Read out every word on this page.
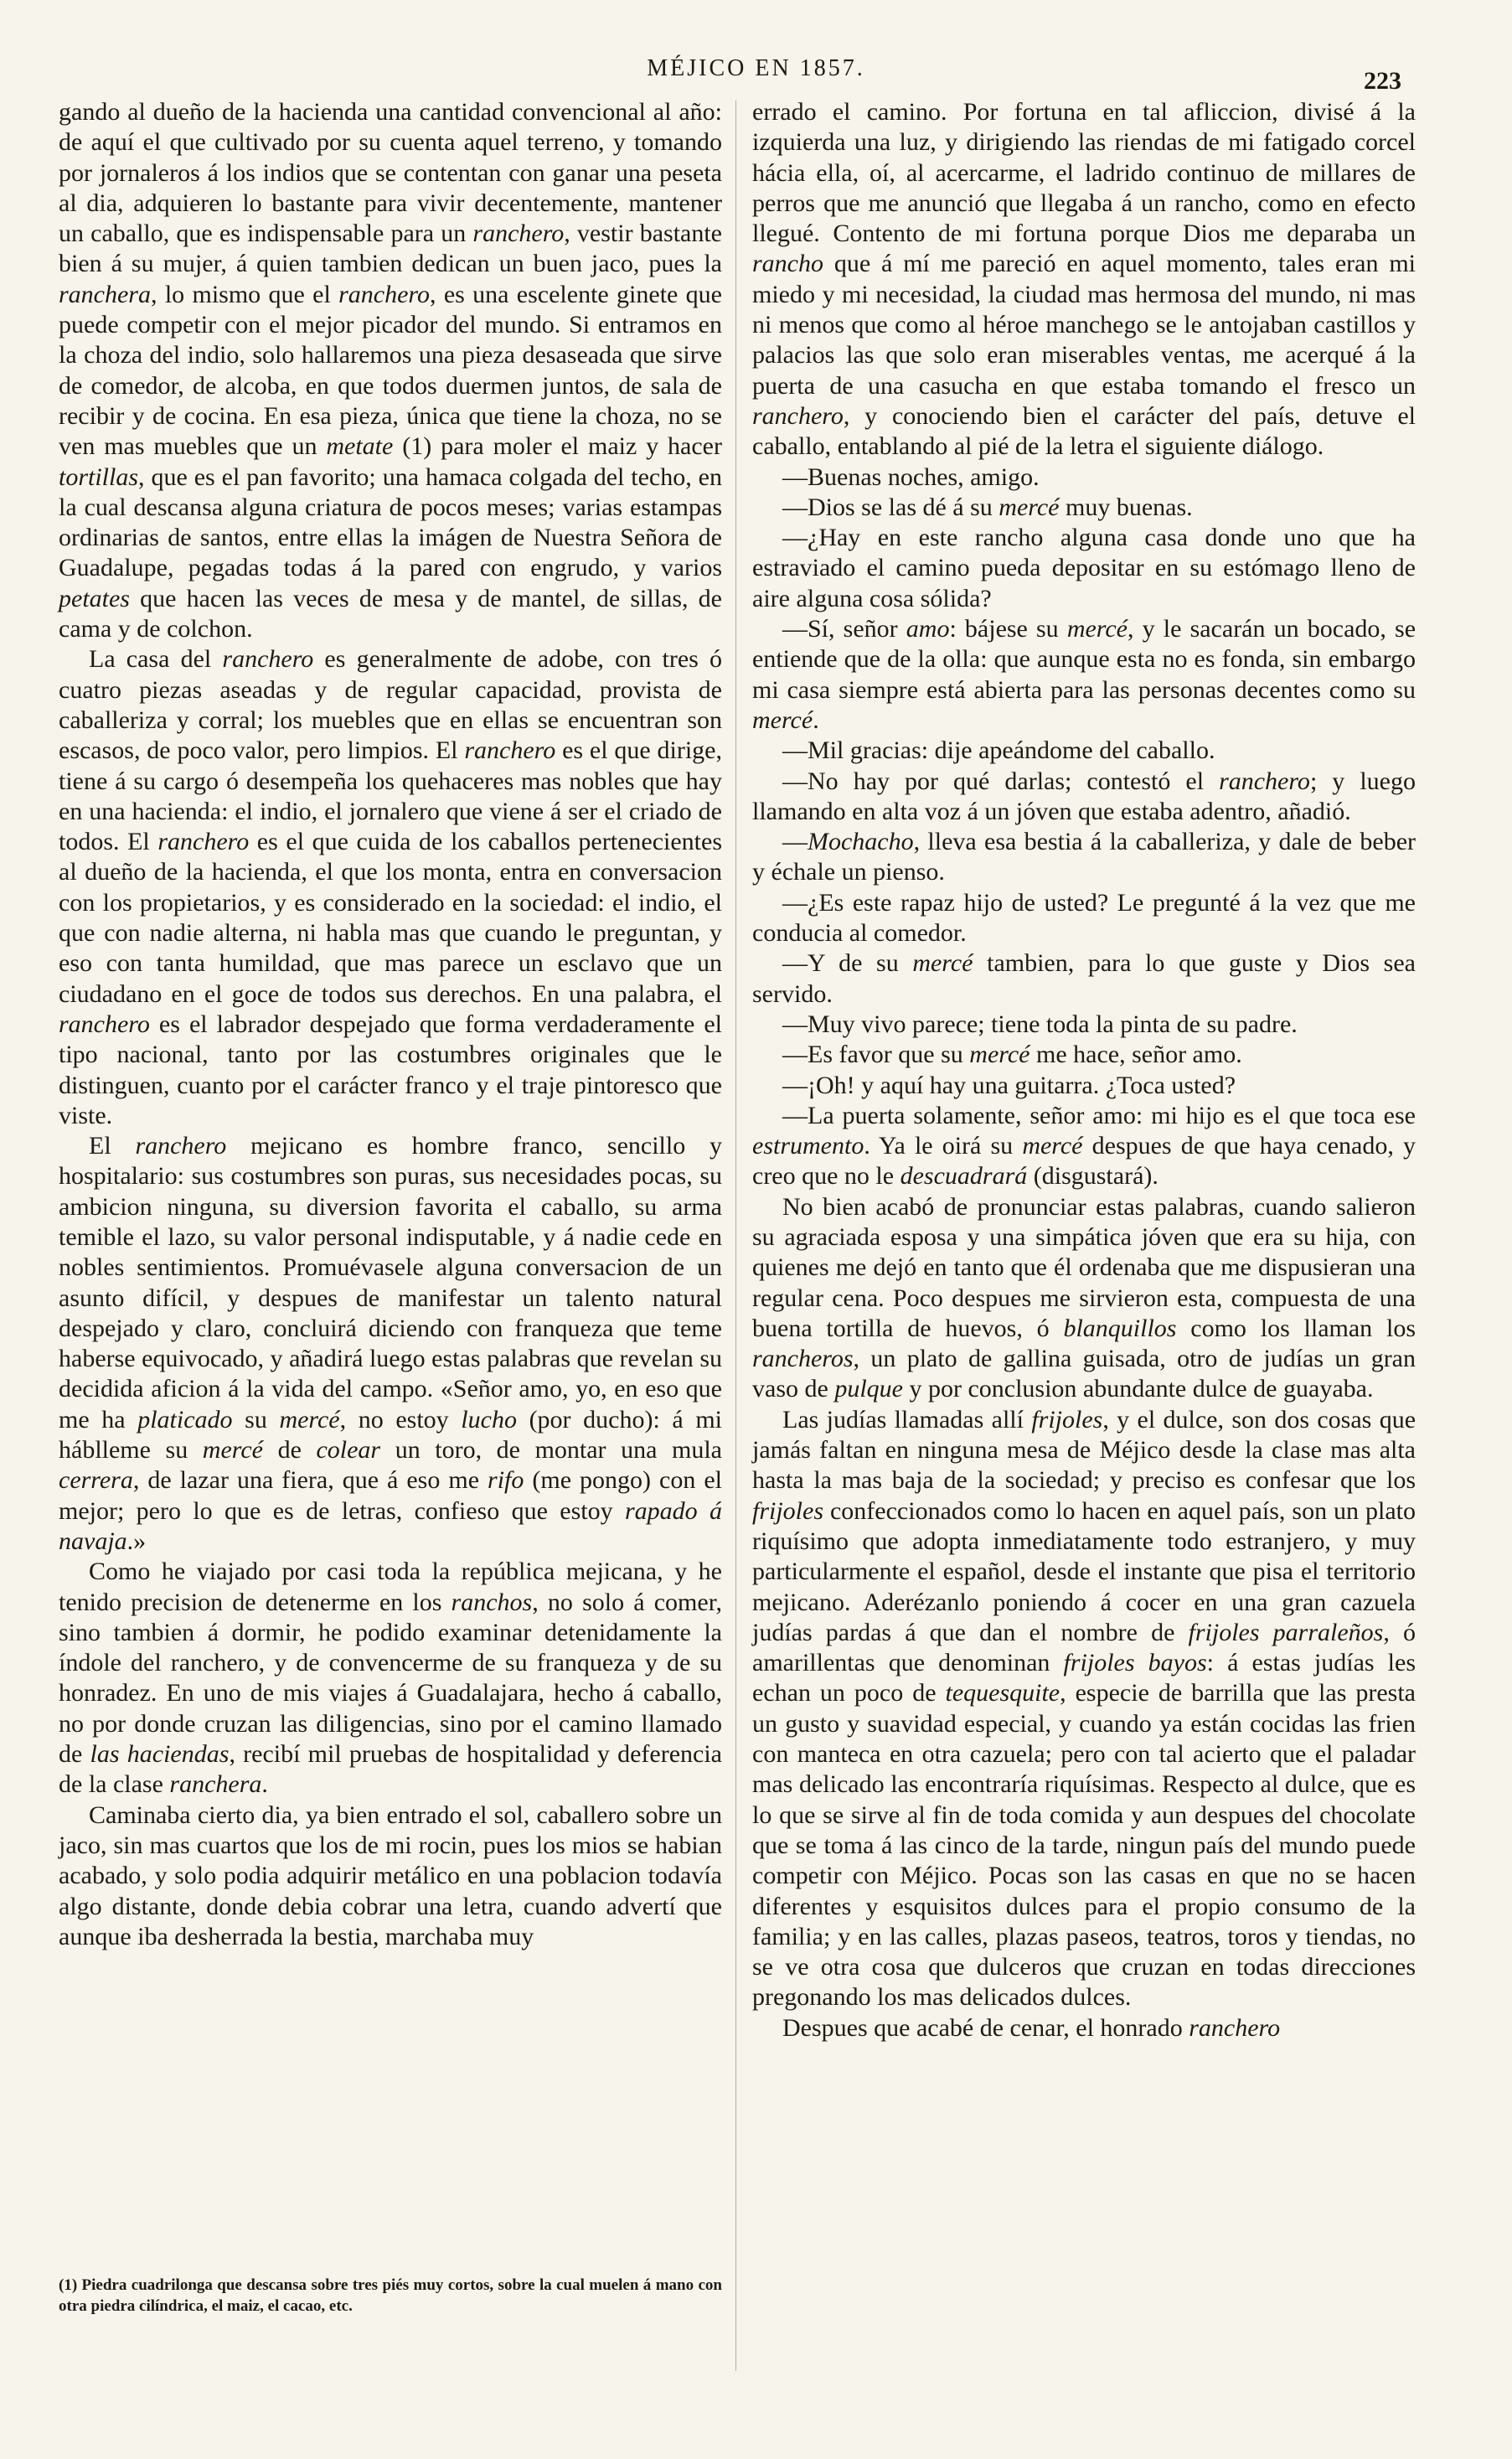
MÉJICO EN 1857.	223

gando al dueño de la hacienda una cantidad convencional al año: de aquí el que cultivado por su cuenta aquel terreno, y tomando por jornaleros á los indios que se contentan con ganar una peseta al dia, adquieren lo bastante para vivir decentemente, mantener un caballo, que es indispensable para un ranchero, vestir bastante bien á su mujer, á quien tambien dedican un buen jaco, pues la ranchera, lo mismo que el ranchero, es una escelente ginete que puede competir con el mejor picador del mundo. Si entramos en la choza del indio, solo hallaremos una pieza desaseada que sirve de comedor, de alcoba, en que todos duermen juntos, de sala de recibir y de cocina. En esa pieza, única que tiene la choza, no se ven mas muebles que un metate (1) para moler el maiz y hacer tortillas, que es el pan favorito; una hamaca colgada del techo, en la cual descansa alguna criatura de pocos meses; varias estampas ordinarias de santos, entre ellas la imágen de Nuestra Señora de Guadalupe, pegadas todas á la pared con engrudo, y varios petates que hacen las veces de mesa y de mantel, de sillas, de cama y de colchon.

La casa del ranchero es generalmente de adobe, con tres ó cuatro piezas aseadas y de regular capacidad, provista de caballeriza y corral; los muebles que en ellas se encuentran son escasos, de poco valor, pero limpios. El ranchero es el que dirige, tiene á su cargo ó desempeña los quehaceres mas nobles que hay en una hacienda: el indio, el jornalero que viene á ser el criado de todos. El ranchero es el que cuida de los caballos pertenecientes al dueño de la hacienda, el que los monta, entra en conversacion con los propietarios, y es considerado en la sociedad: el indio, el que con nadie alterna, ni habla mas que cuando le preguntan, y eso con tanta humildad, que mas parece un esclavo que un ciudadano en el goce de todos sus derechos. En una palabra, el ranchero es el labrador despejado que forma verdaderamente el tipo nacional, tanto por las costumbres originales que le distinguen, cuanto por el carácter franco y el traje pintoresco que viste.

El ranchero mejicano es hombre franco, sencillo y hospitalario: sus costumbres son puras, sus necesidades pocas, su ambicion ninguna, su diversion favorita el caballo, su arma temible el lazo, su valor personal indisputable, y á nadie cede en nobles sentimientos. Promuévasele alguna conversacion de un asunto difícil, y despues de manifestar un talento natural despejado y claro, concluirá diciendo con franqueza que teme haberse equivocado, y añadirá luego estas palabras que revelan su decidida aficion á la vida del campo. «Señor amo, yo, en eso que me ha platicado su mercé, no estoy lucho (por ducho): á mi háblleme su mercé de colear un toro, de montar una mula cerrera, de lazar una fiera, que á eso me rifo (me pongo) con el mejor; pero lo que es de letras, confieso que estoy rapado á navaja.»

Como he viajado por casi toda la república mejicana, y he tenido precision de detenerme en los ranchos, no solo á comer, sino tambien á dormir, he podido examinar detenidamente la índole del ranchero, y de convencerme de su franqueza y de su honradez. En uno de mis viajes á Guadalajara, hecho á caballo, no por donde cruzan las diligencias, sino por el camino llamado de las haciendas, recibí mil pruebas de hospitalidad y deferencia de la clase ranchera.

Caminaba cierto dia, ya bien entrado el sol, caballero sobre un jaco, sin mas cuartos que los de mi rocin, pues los mios se habian acabado, y solo podia adquirir metálico en una poblacion todavía algo distante, donde debia cobrar una letra, cuando advertí que aunque iba desherrada la bestia, marchaba muy

(1) Piedra cuadrilonga que descansa sobre tres piés muy cortos, sobre la cual muelen á mano con otra piedra cilíndrica, el maiz, el cacao, etc.

errado el camino. Por fortuna en tal afliccion, divisé á la izquierda una luz, y dirigiendo las riendas de mi fatigado corcel hácia ella, oí, al acercarme, el ladrido continuo de millares de perros que me anunció que llegaba á un rancho, como en efecto llegué. Contento de mi fortuna porque Dios me deparaba un rancho que á mí me pareció en aquel momento, tales eran mi miedo y mi necesidad, la ciudad mas hermosa del mundo, ni mas ni menos que como al héroe manchego se le antojaban castillos y palacios las que solo eran miserables ventas, me acerqué á la puerta de una casucha en que estaba tomando el fresco un ranchero, y conociendo bien el carácter del país, detuve el caballo, entablando al pié de la letra el siguiente diálogo.

—Buenas noches, amigo.

—Dios se las dé á su mercé muy buenas.

—¿Hay en este rancho alguna casa donde uno que ha estraviado el camino pueda depositar en su estómago lleno de aire alguna cosa sólida?

—Sí, señor amo: bájese su mercé, y le sacarán un bocado, se entiende que de la olla: que aunque esta no es fonda, sin embargo mi casa siempre está abierta para las personas decentes como su mercé.

—Mil gracias: dije apeándome del caballo.

—No hay por qué darlas; contestó el ranchero; y luego llamando en alta voz á un jóven que estaba adentro, añadió.

—Mochacho, lleva esa bestia á la caballeriza, y dale de beber y échale un pienso.

—¿Es este rapaz hijo de usted? Le pregunté á la vez que me conducia al comedor.

—Y de su mercé tambien, para lo que guste y Dios sea servido.

—Muy vivo parece; tiene toda la pinta de su padre.

—Es favor que su mercé me hace, señor amo.

—¡Oh! y aquí hay una guitarra. ¿Toca usted?

—La puerta solamente, señor amo: mi hijo es el que toca ese estrumento. Ya le oirá su mercé despues de que haya cenado, y creo que no le descuadrará (disgustará).

No bien acabó de pronunciar estas palabras, cuando salieron su agraciada esposa y una simpática jóven que era su hija, con quienes me dejó en tanto que él ordenaba que me dispusieran una regular cena. Poco despues me sirvieron esta, compuesta de una buena tortilla de huevos, ó blanquillos como los llaman los rancheros, un plato de gallina guisada, otro de judías un gran vaso de pulque y por conclusion abundante dulce de guayaba.

Las judías llamadas allí frijoles, y el dulce, son dos cosas que jamás faltan en ninguna mesa de Méjico desde la clase mas alta hasta la mas baja de la sociedad; y preciso es confesar que los frijoles confeccionados como lo hacen en aquel país, son un plato riquísimo que adopta inmediatamente todo estranjero, y muy particularmente el español, desde el instante que pisa el territorio mejicano. Aderézanlo poniendo á cocer en una gran cazuela judías pardas á que dan el nombre de frijoles parraleños, ó amarillentas que denominan frijoles bayos: á estas judías les echan un poco de tequesquite, especie de barrilla que las presta un gusto y suavidad especial, y cuando ya están cocidas las frien con manteca en otra cazuela; pero con tal acierto que el paladar mas delicado las encontraría riquísimas. Respecto al dulce, que es lo que se sirve al fin de toda comida y aun despues del chocolate que se toma á las cinco de la tarde, ningun país del mundo puede competir con Méjico. Pocas son las casas en que no se hacen diferentes y esquisitos dulces para el propio consumo de la familia; y en las calles, plazas paseos, teatros, toros y tiendas, no se ve otra cosa que dulceros que cruzan en todas direcciones pregonando los mas delicados dulces.

Despues que acabé de cenar, el honrado ranchero
